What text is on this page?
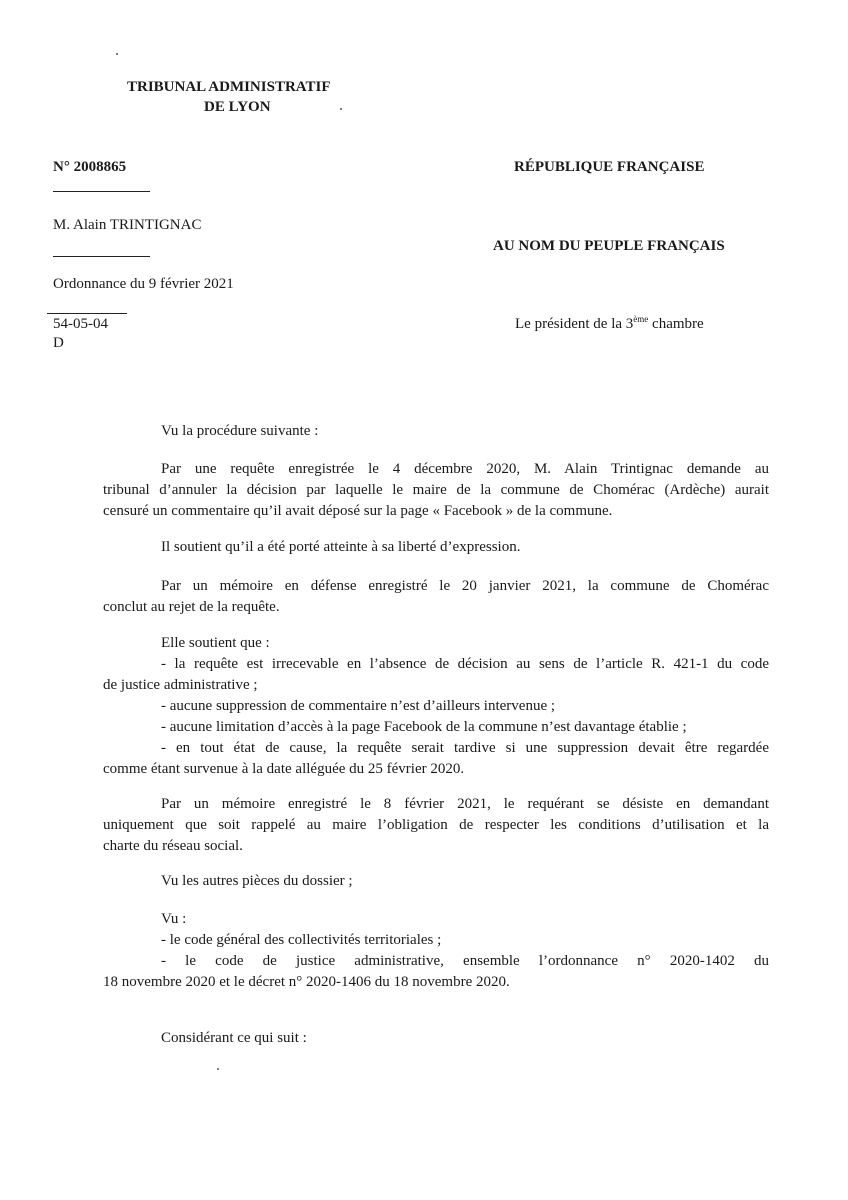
TRIBUNAL ADMINISTRATIF
DE LYON
N° 2008865	RÉPUBLIQUE FRANÇAISE
M. Alain TRINTIGNAC
AU NOM DU PEUPLE FRANÇAIS
Ordonnance du 9 février 2021
54-05-04
D
Le président de la 3ème chambre
Vu la procédure suivante :
Par une requête enregistrée le 4 décembre 2020, M. Alain Trintignac demande au
tribunal d’annuler la décision par laquelle le maire de la commune de Chomérac (Ardèche) aurait
censuré un commentaire qu’il avait déposé sur la page « Facebook » de la commune.
Il soutient qu’il a été porté atteinte à sa liberté d’expression.
Par un mémoire en défense enregistré le 20 janvier 2021, la commune de Chomérac
conclut au rejet de la requête.
Elle soutient que :
- la requête est irrecevable en l’absence de décision au sens de l’article R. 421-1 du code
de justice administrative ;
- aucune suppression de commentaire n’est d’ailleurs intervenue ;
- aucune limitation d’accès à la page Facebook de la commune n’est davantage établie ;
- en tout état de cause, la requête serait tardive si une suppression devait être regardée
comme étant survenue à la date alléguée du 25 février 2020.
Par un mémoire enregistré le 8 février 2021, le requérant se désiste en demandant
uniquement que soit rappelé au maire l’obligation de respecter les conditions d’utilisation et la
charte du réseau social.
Vu les autres pièces du dossier ;
Vu :
- le code général des collectivités territoriales ;
- le code de justice administrative, ensemble l’ordonnance n° 2020-1402 du
18 novembre 2020 et le décret n° 2020-1406 du 18 novembre 2020.
Considérant ce qui suit :
